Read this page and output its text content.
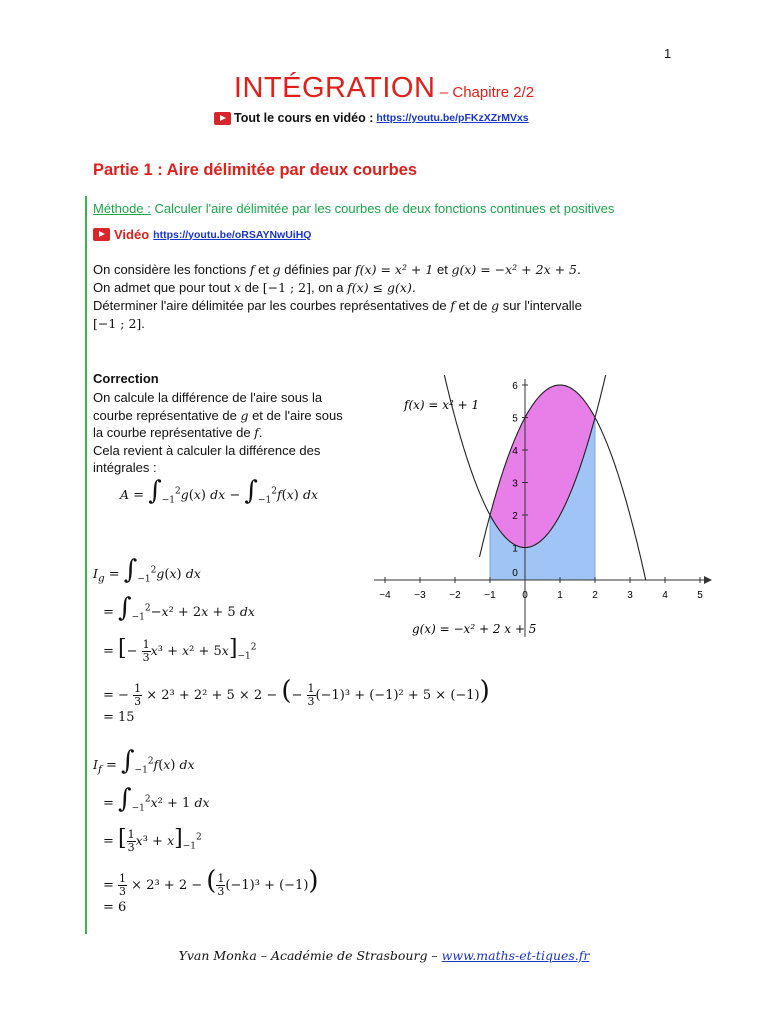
1
INTÉGRATION – Chapitre 2/2
Tout le cours en vidéo : https://youtu.be/pFKzXZrMVxs
Partie 1 : Aire délimitée par deux courbes
Méthode : Calculer l'aire délimitée par les courbes de deux fonctions continues et positives
Vidéo https://youtu.be/oRSAYNwUiHQ
On considère les fonctions f et g définies par f(x) = x² + 1 et g(x) = −x² + 2x + 5.
On admet que pour tout x de [−1 ; 2], on a f(x) ≤ g(x).
Déterminer l'aire délimitée par les courbes représentatives de f et de g sur l'intervalle
[−1 ; 2].
Correction
On calcule la différence de l'aire sous la courbe représentative de g et de l'aire sous la courbe représentative de f.
Cela revient à calculer la différence des intégrales :
$A = \int_{-1}^2g(x)$ dx − $\int_{-1}^2f(x)$ dx
$I_g = \int_{-1}^2g(x)$ dx
= $\int_{-1}^2-x^2 + 2x + 5$ dx
= [− $\frac{1}{3} x^3 + x^2 + 5x]_{-1}^2$
= − $\frac{1}{3} \times 2^3 + 2^2 + 5 \times 2$ − (− $\frac{1}{3} (-1)^3 + (-1)^2 + 5 \times (-1)$)
= 15
$I_f = \int_{-1}^2f(x)$ dx
= $\int_{-1}^2x^2 + 1$ dx
= [ $\frac{1}{3} x^3 + x]_{-1}^2$
= $\frac{1}{3} \times 2^3 + 2$ − ( $\frac{1}{3} (-1)^3 + (-1)$)
= 6
−4 −3 −2 −1	0	1	2	3	4	5
1
2
3
4
5
6
0
f(x) = x² + 1
g(x) = −x² + 2 x + 5
Yvan Monka – Académie de Strasbourg – www.maths-et-tiques.fr
